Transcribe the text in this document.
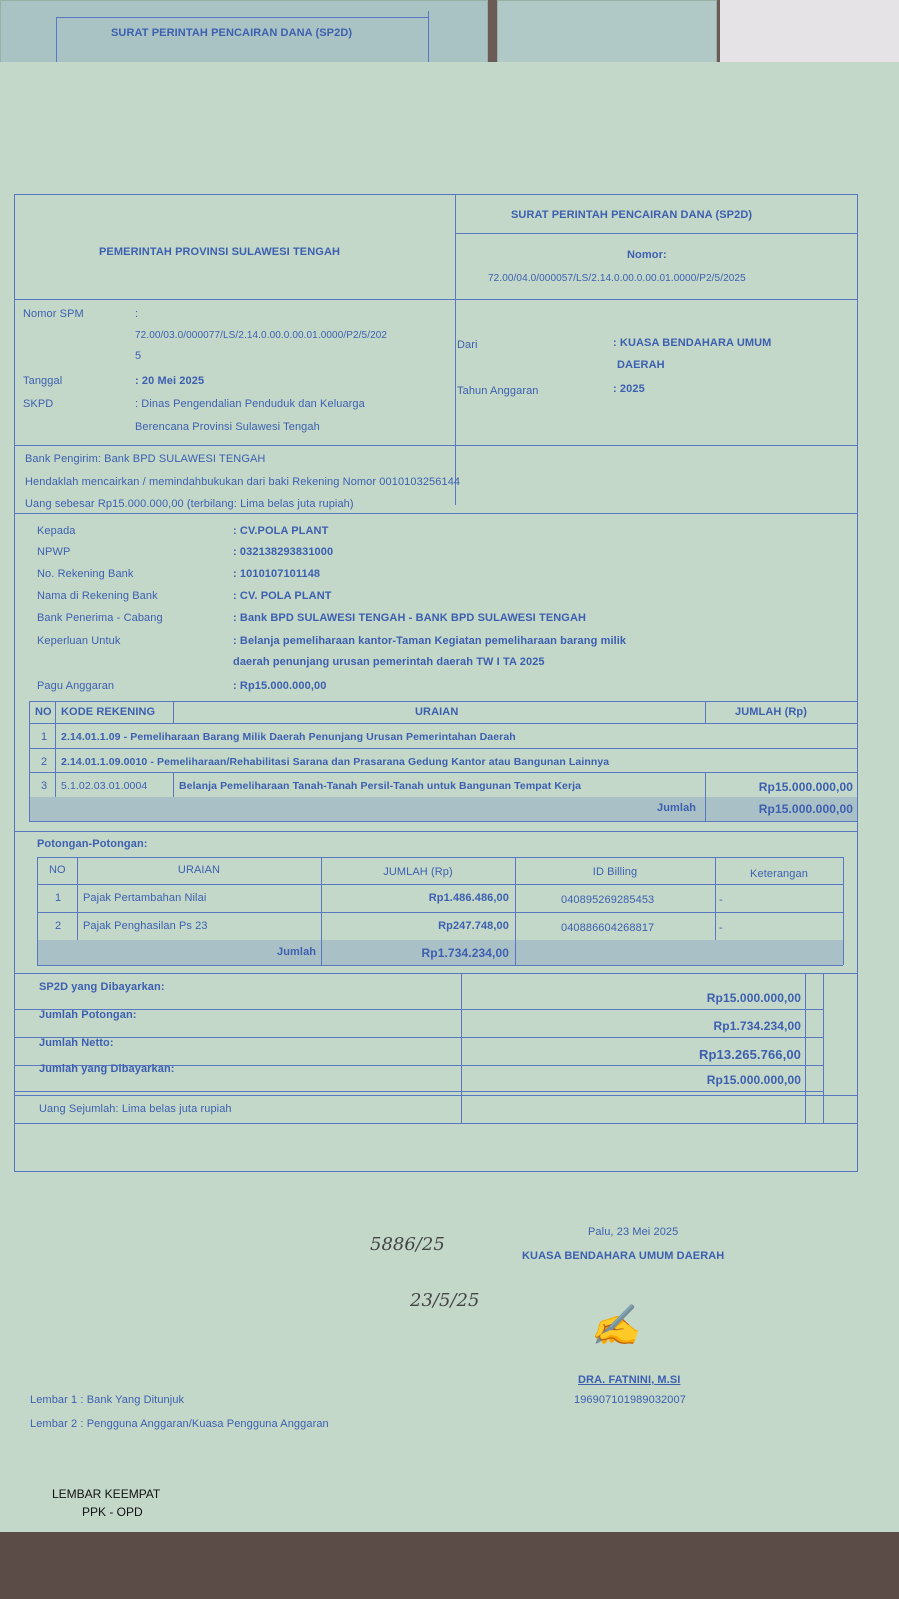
SURAT PERINTAH PENCAIRAN DANA (SP2D)
PEMERINTAH PROVINSI SULAWESI TENGAH
SURAT PERINTAH PENCAIRAN DANA (SP2D)
Nomor:
72.00/04.0/000057/LS/2.14.0.00.0.00.01.0000/P2/5/2025
Nomor SPM	:
72.00/03.0/000077/LS/2.14.0.00.0.00.01.0000/P2/5/202
5
Tanggal	: 20 Mei 2025
SKPD	: Dinas Pengendalian Penduduk dan Keluarga
Berencana Provinsi Sulawesi Tengah
Dari	: KUASA BENDAHARA UMUM
DAERAH
Tahun Anggaran	: 2025
Bank Pengirim: Bank BPD SULAWESI TENGAH
Hendaklah mencairkan / memindahbukukan dari baki Rekening Nomor 0010103256144
Uang sebesar Rp15.000.000,00 (terbilang: Lima belas juta rupiah)
Kepada	: CV.POLA PLANT
NPWP	: 032138293831000
No. Rekening Bank	: 1010107101148
Nama di Rekening Bank	: CV. POLA PLANT
Bank Penerima - Cabang	: Bank BPD SULAWESI TENGAH - BANK BPD SULAWESI TENGAH
Keperluan Untuk	: Belanja pemeliharaan kantor-Taman Kegiatan pemeliharaan barang milik
daerah penunjang urusan pemerintah daerah TW I TA 2025
Pagu Anggaran	: Rp15.000.000,00
NO KODE REKENING	URAIAN	JUMLAH (Rp)
1 2.14.01.1.09 - Pemeliharaan Barang Milik Daerah Penunjang Urusan Pemerintahan Daerah
2 2.14.01.1.09.0010 - Pemeliharaan/Rehabilitasi Sarana dan Prasarana Gedung Kantor atau Bangunan Lainnya
3 5.1.02.03.01.0004	Belanja Pemeliharaan Tanah-Tanah Persil-Tanah untuk Bangunan Tempat Kerja	Rp15.000.000,00
Jumlah	Rp15.000.000,00
Potongan-Potongan:
NO	URAIAN	JUMLAH (Rp)	ID Billing	Keterangan
1 Pajak Pertambahan Nilai	Rp1.486.486,00	040895269285453	-
2 Pajak Penghasilan Ps 23	Rp247.748,00	040886604268817	-
Jumlah	Rp1.734.234,00
SP2D yang Dibayarkan:
Rp15.000.000,00
Jumlah Potongan:
Rp1.734.234,00
Jumlah Netto:
Rp13.265.766,00
Jumlah yang Dibayarkan:
Rp15.000.000,00
Uang Sejumlah: Lima belas juta rupiah
Palu, 23 Mei 2025
KUASA BENDAHARA UMUM DAERAH
✍
DRA. FATNINI, M.SI
196907101989032007
5886/25
23/5/25
Lembar 1 : Bank Yang Ditunjuk
Lembar 2 : Pengguna Anggaran/Kuasa Pengguna Anggaran
LEMBAR KEEMPAT
PPK - OPD
